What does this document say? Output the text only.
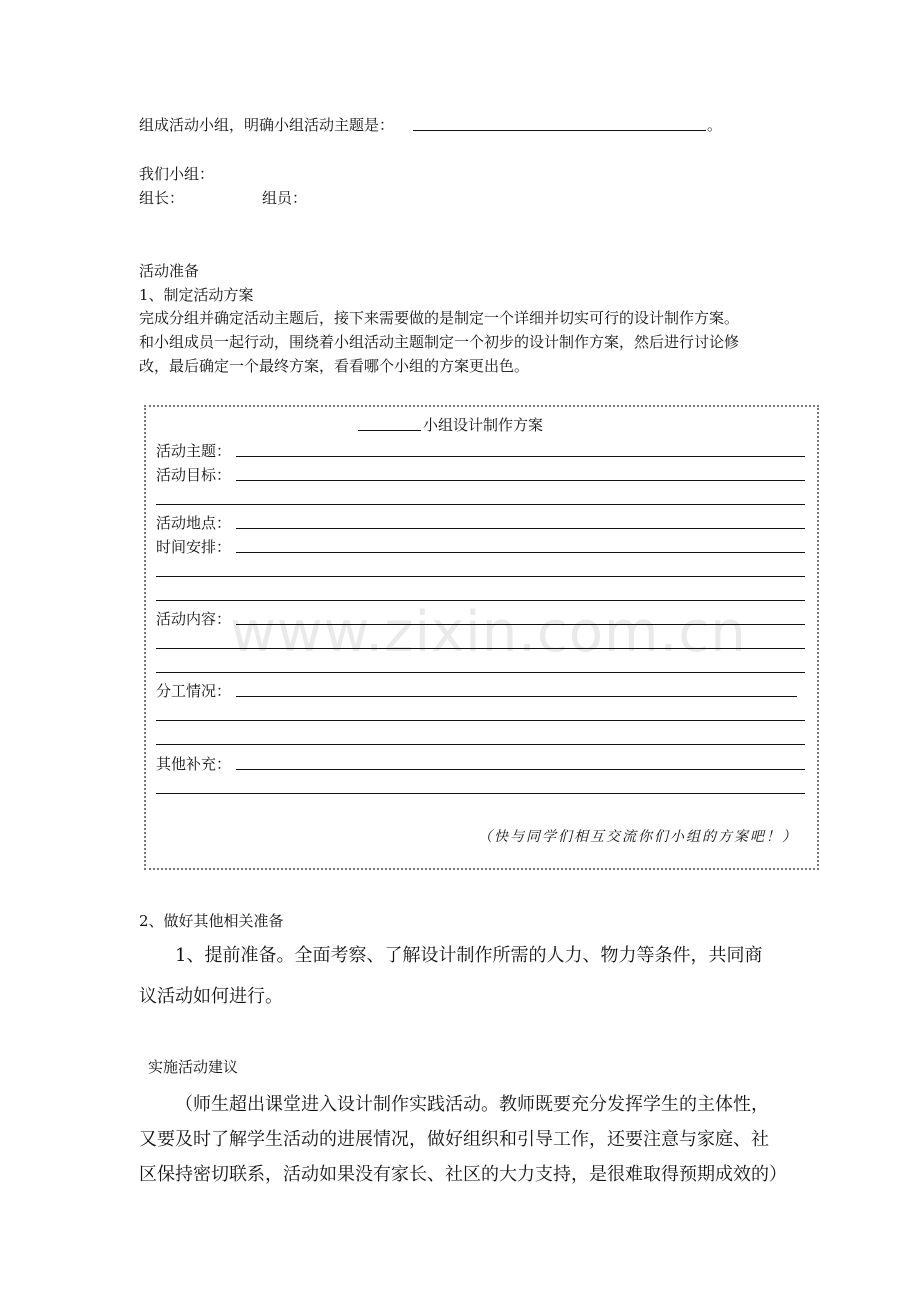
组成活动小组，明确小组活动主题是：	。
我们小组：
组长：	组员：
活动准备
1、制定活动方案
完成分组并确定活动主题后，接下来需要做的是制定一个详细并切实可行的设计制作方案。
和小组成员一起行动，围绕着小组活动主题制定一个初步的设计制作方案，然后进行讨论修
改，最后确定一个最终方案，看看哪个小组的方案更出色。
www.zixin.com.cn
小组设计制作方案
活动主题：
活动目标：
活动地点：
时间安排：
活动内容：
分工情况：
其他补充：
（快与同学们相互交流你们小组的方案吧！）
2、做好其他相关准备
1、提前准备。全面考察、了解设计制作所需的人力、物力等条件，共同商
议活动如何进行。
实施活动建议
（师生超出课堂进入设计制作实践活动。教师既要充分发挥学生的主体性，
又要及时了解学生活动的进展情况，做好组织和引导工作，还要注意与家庭、社
区保持密切联系，活动如果没有家长、社区的大力支持，是很难取得预期成效的）
